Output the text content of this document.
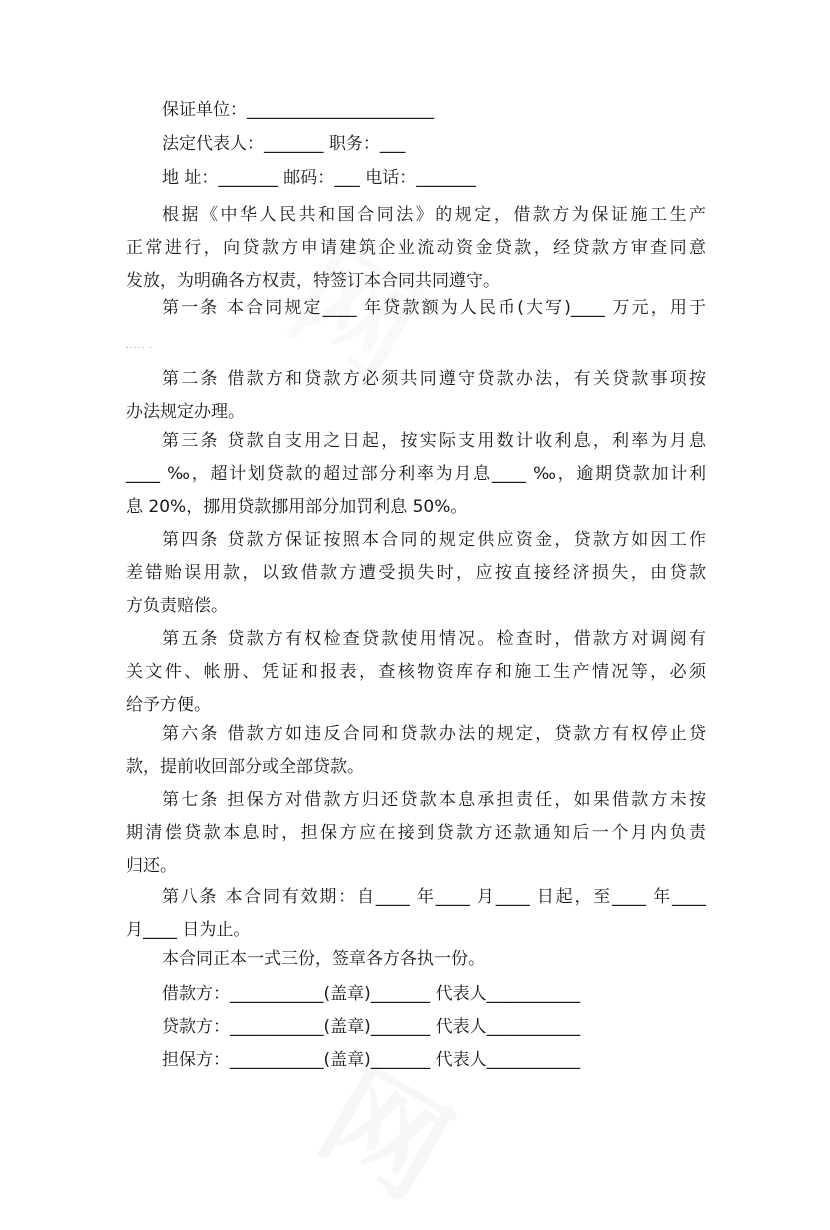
保证单位：______________________
法定代表人：_______ 职务：___
地 址：_______ 邮码：___ 电话：_______
根据《中华人民共和国合同法》的规定，借款方为保证施工生产
正常进行，向贷款方申请建筑企业流动资金贷款，经贷款方审查同意
发放，为明确各方权责，特签订本合同共同遵守。
第一条 本合同规定____ 年贷款额为人民币(大写)____ 万元，用于
..... .
第二条 借款方和贷款方必须共同遵守贷款办法，有关贷款事项按
办法规定办理。
第三条 贷款自支用之日起，按实际支用数计收利息，利率为月息
____ ‰，超计划贷款的超过部分利率为月息____ ‰，逾期贷款加计利
息 20%，挪用贷款挪用部分加罚利息 50%。
第四条 贷款方保证按照本合同的规定供应资金，贷款方如因工作
差错贻误用款，以致借款方遭受损失时，应按直接经济损失，由贷款
方负责赔偿。
第五条 贷款方有权检查贷款使用情况。检查时，借款方对调阅有
关文件、帐册、凭证和报表，查核物资库存和施工生产情况等，必须
给予方便。
第六条 借款方如违反合同和贷款办法的规定，贷款方有权停止贷
款，提前收回部分或全部贷款。
第七条 担保方对借款方归还贷款本息承担责任，如果借款方未按
期清偿贷款本息时，担保方应在接到贷款方还款通知后一个月内负责
归还。
第八条 本合同有效期：自____ 年____ 月____ 日起，至____ 年____
月____ 日为止。
本合同正本一式三份，签章各方各执一份。
借款方：___________(盖章)_______ 代表人___________
贷款方：___________(盖章)_______ 代表人___________
担保方：___________(盖章)_______ 代表人___________
